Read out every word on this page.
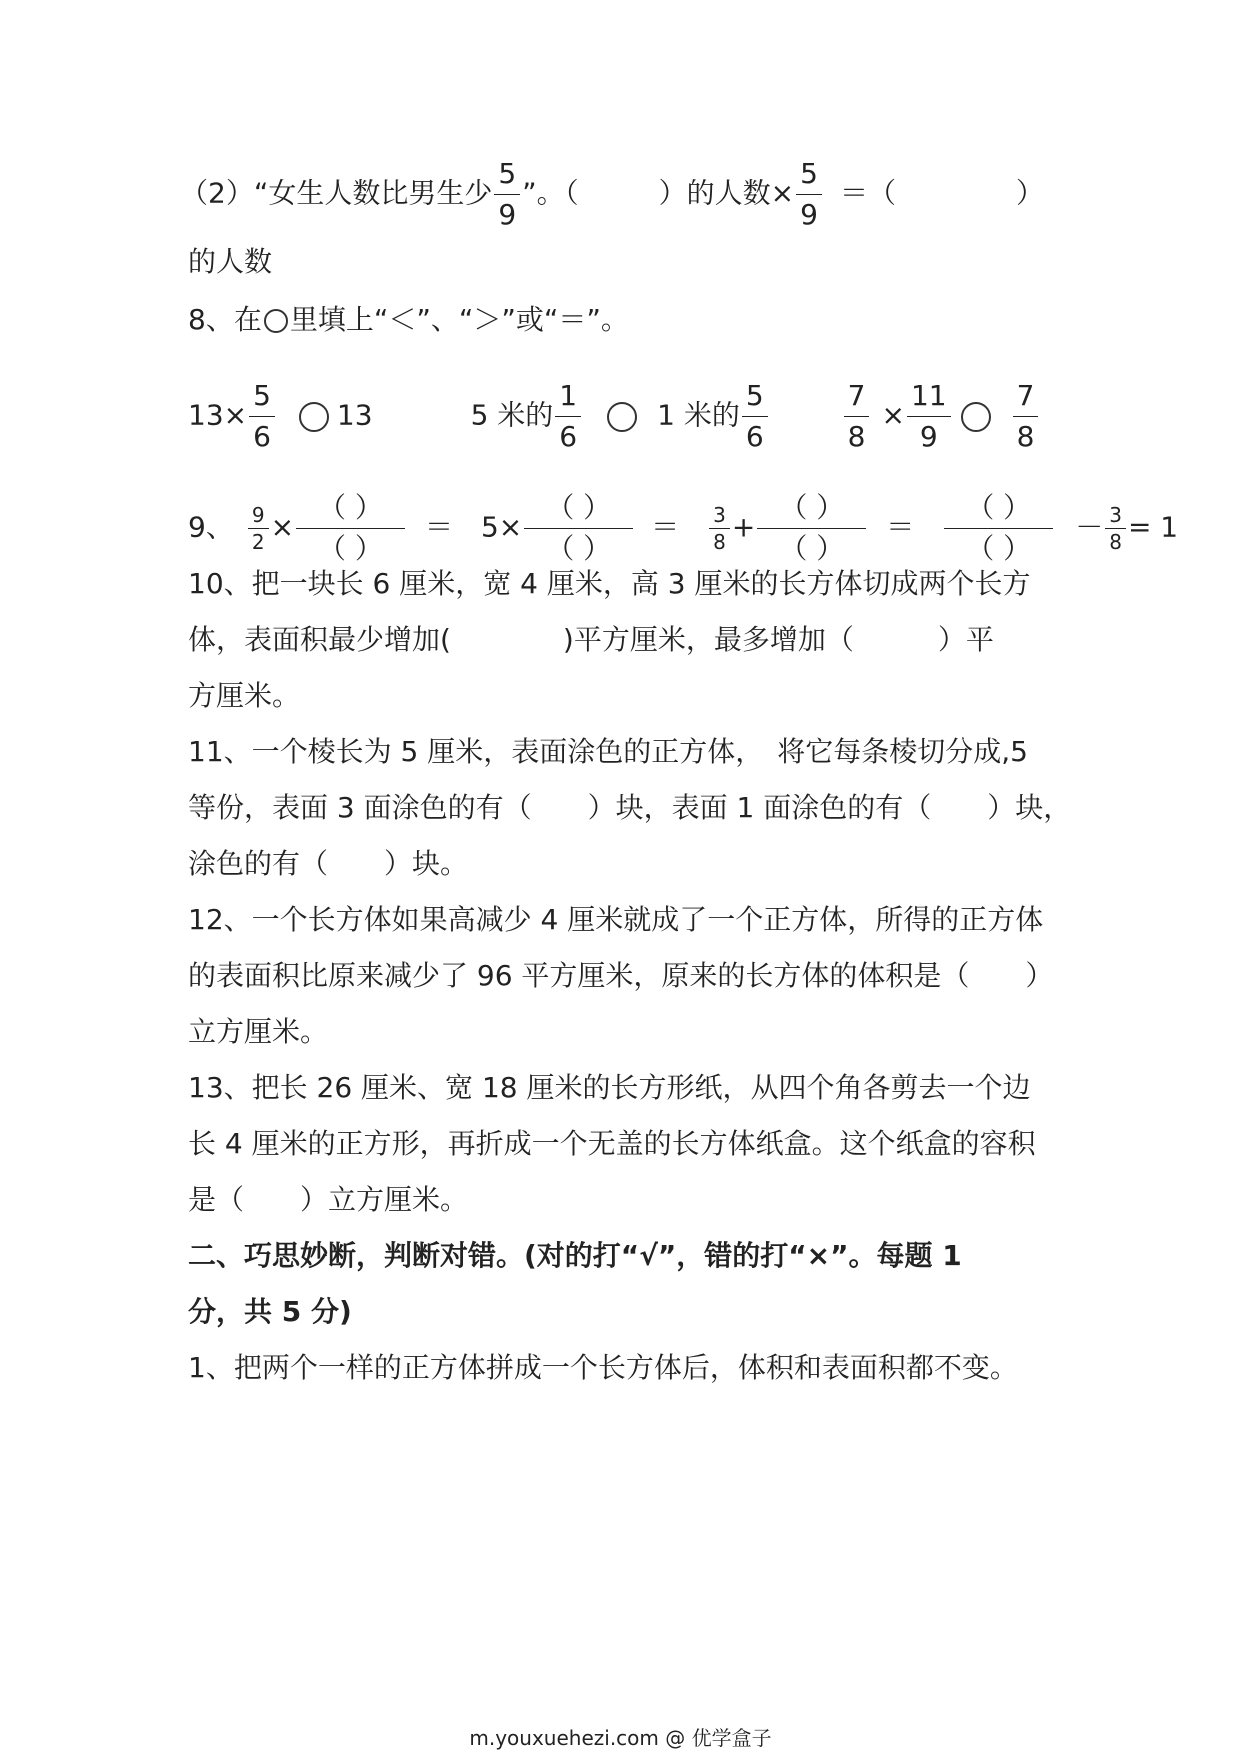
（2）“女生人数比男生少 $\frac{5}{9}$ ”。（	）的人数× $\frac{5}{9}$ ＝（	）
的人数
8、在 里填上“＜”、“＞”或“＝”。
$13\times \frac{5}{6} 13$	5 米的 $\frac{1}{6}$	1 米的 $\frac{5}{6}$	$\frac{7}{8} \times \frac{11}{9} \frac{7}{8}$
9、 $\frac{9}{2} \times \frac{( )}{( )} = 5\times \frac{( )}{( )} = \frac{3}{8} + \frac{( )}{( )} = \frac{( )}{( )} - \frac{3}{8} = 1$
10、把一块长 6 厘米，宽 4 厘米，高 3 厘米的长方体切成两个长方
体，表面积最少增加(　　　　)平方厘米，最多增加（　　　）平
方厘米。
11、一个棱长为 5 厘米，表面涂色的正方体，　将它每条棱切分成,5
等份，表面 3 面涂色的有（　　）块，表面 1 面涂色的有（　　）块，
涂色的有（　　）块。
12、一个长方体如果高减少 4 厘米就成了一个正方体，所得的正方体
的表面积比原来减少了 96 平方厘米，原来的长方体的体积是（　　）
立方厘米。
13、把长 26 厘米、宽 18 厘米的长方形纸，从四个角各剪去一个边
长 4 厘米的正方形，再折成一个无盖的长方体纸盒。这个纸盒的容积
是（　　）立方厘米。
二、巧思妙断，判断对错。(对的打“√”，错的打“×”。每题 1
分，共 5 分)
1、把两个一样的正方体拼成一个长方体后，体积和表面积都不变。
m.youxuehezi.com @ 优学盒子
